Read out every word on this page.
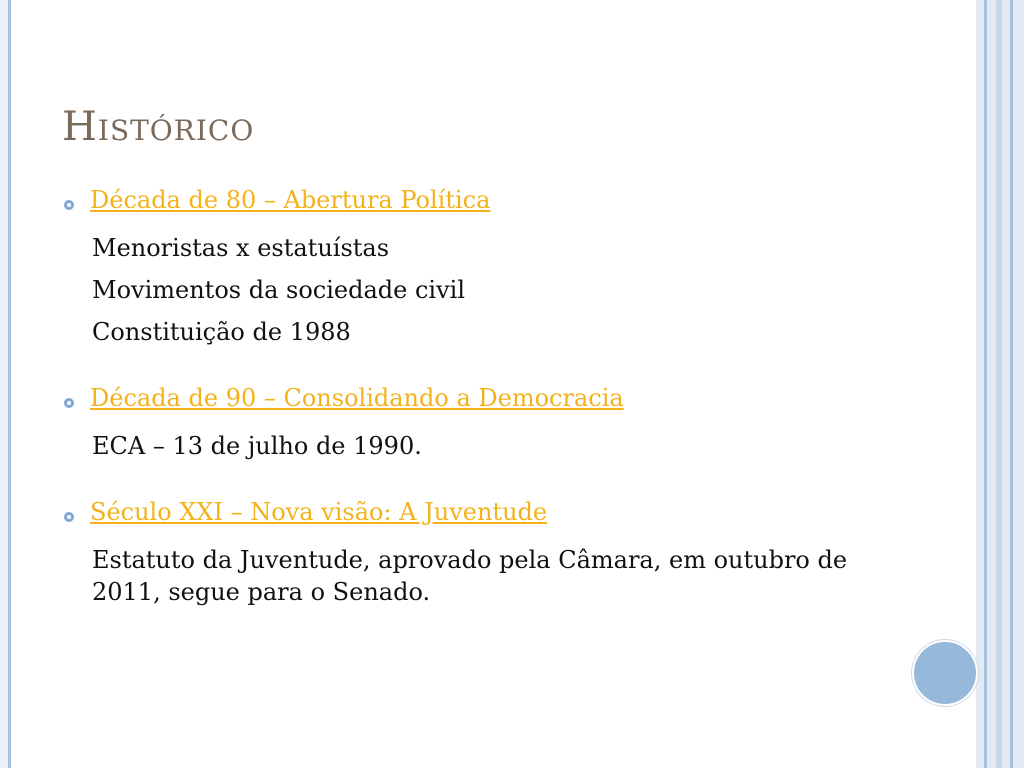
Histórico
Década de 80 – Abertura Política
Menoristas x estatuístas
Movimentos da sociedade civil
Constituição de 1988
Década de 90 – Consolidando a Democracia
ECA – 13 de julho de 1990.
Século XXI – Nova visão: A Juventude
Estatuto da Juventude, aprovado pela Câmara, em outubro de 2011, segue para o Senado.
